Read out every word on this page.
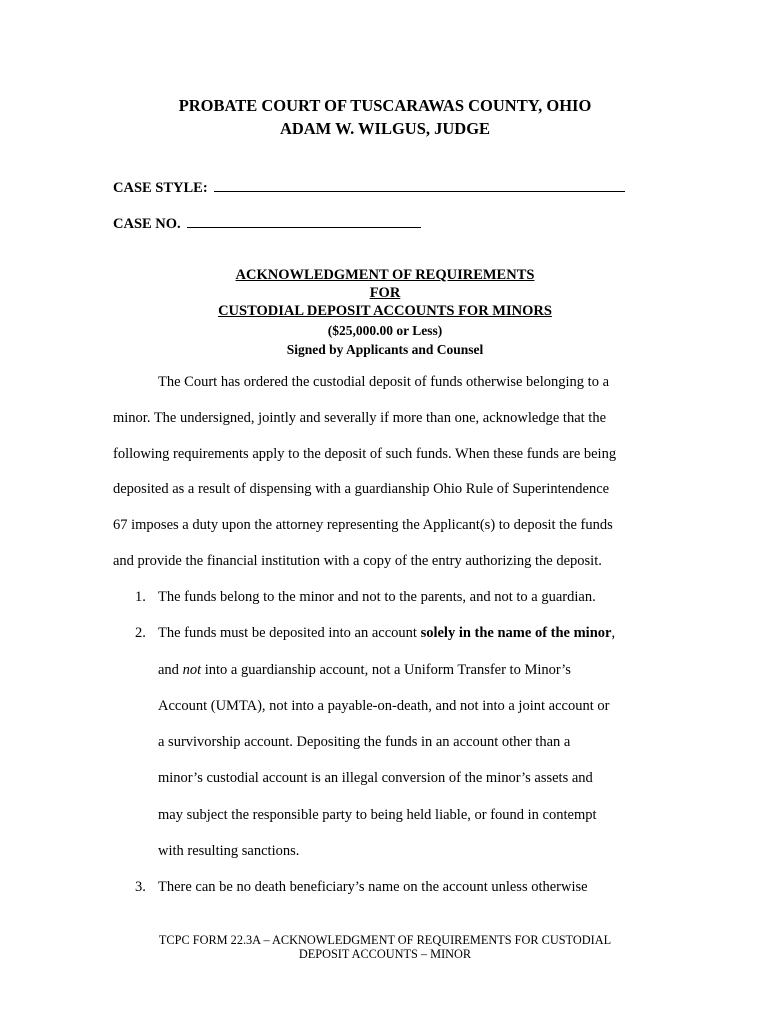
PROBATE COURT OF TUSCARAWAS COUNTY, OHIO
ADAM W. WILGUS, JUDGE
CASE STYLE:
CASE NO.
ACKNOWLEDGMENT OF REQUIREMENTS
FOR
CUSTODIAL DEPOSIT ACCOUNTS FOR MINORS
($25,000.00 or Less)
Signed by Applicants and Counsel

The Court has ordered the custodial deposit of funds otherwise belonging to a
minor. The undersigned, jointly and severally if more than one, acknowledge that the
following requirements apply to the deposit of such funds. When these funds are being
deposited as a result of dispensing with a guardianship Ohio Rule of Superintendence
67 imposes a duty upon the attorney representing the Applicant(s) to deposit the funds
and provide the financial institution with a copy of the entry authorizing the deposit.

1. The funds belong to the minor and not to the parents, and not to a guardian.
2. The funds must be deposited into an account solely in the name of the minor,
and not into a guardianship account, not a Uniform Transfer to Minor’s
Account (UMTA), not into a payable-on-death, and not into a joint account or
a survivorship account. Depositing the funds in an account other than a
minor’s custodial account is an illegal conversion of the minor’s assets and
may subject the responsible party to being held liable, or found in contempt
with resulting sanctions.
3. There can be no death beneficiary’s name on the account unless otherwise
TCPC FORM 22.3A – ACKNOWLEDGMENT OF REQUIREMENTS FOR CUSTODIAL
DEPOSIT ACCOUNTS – MINOR
